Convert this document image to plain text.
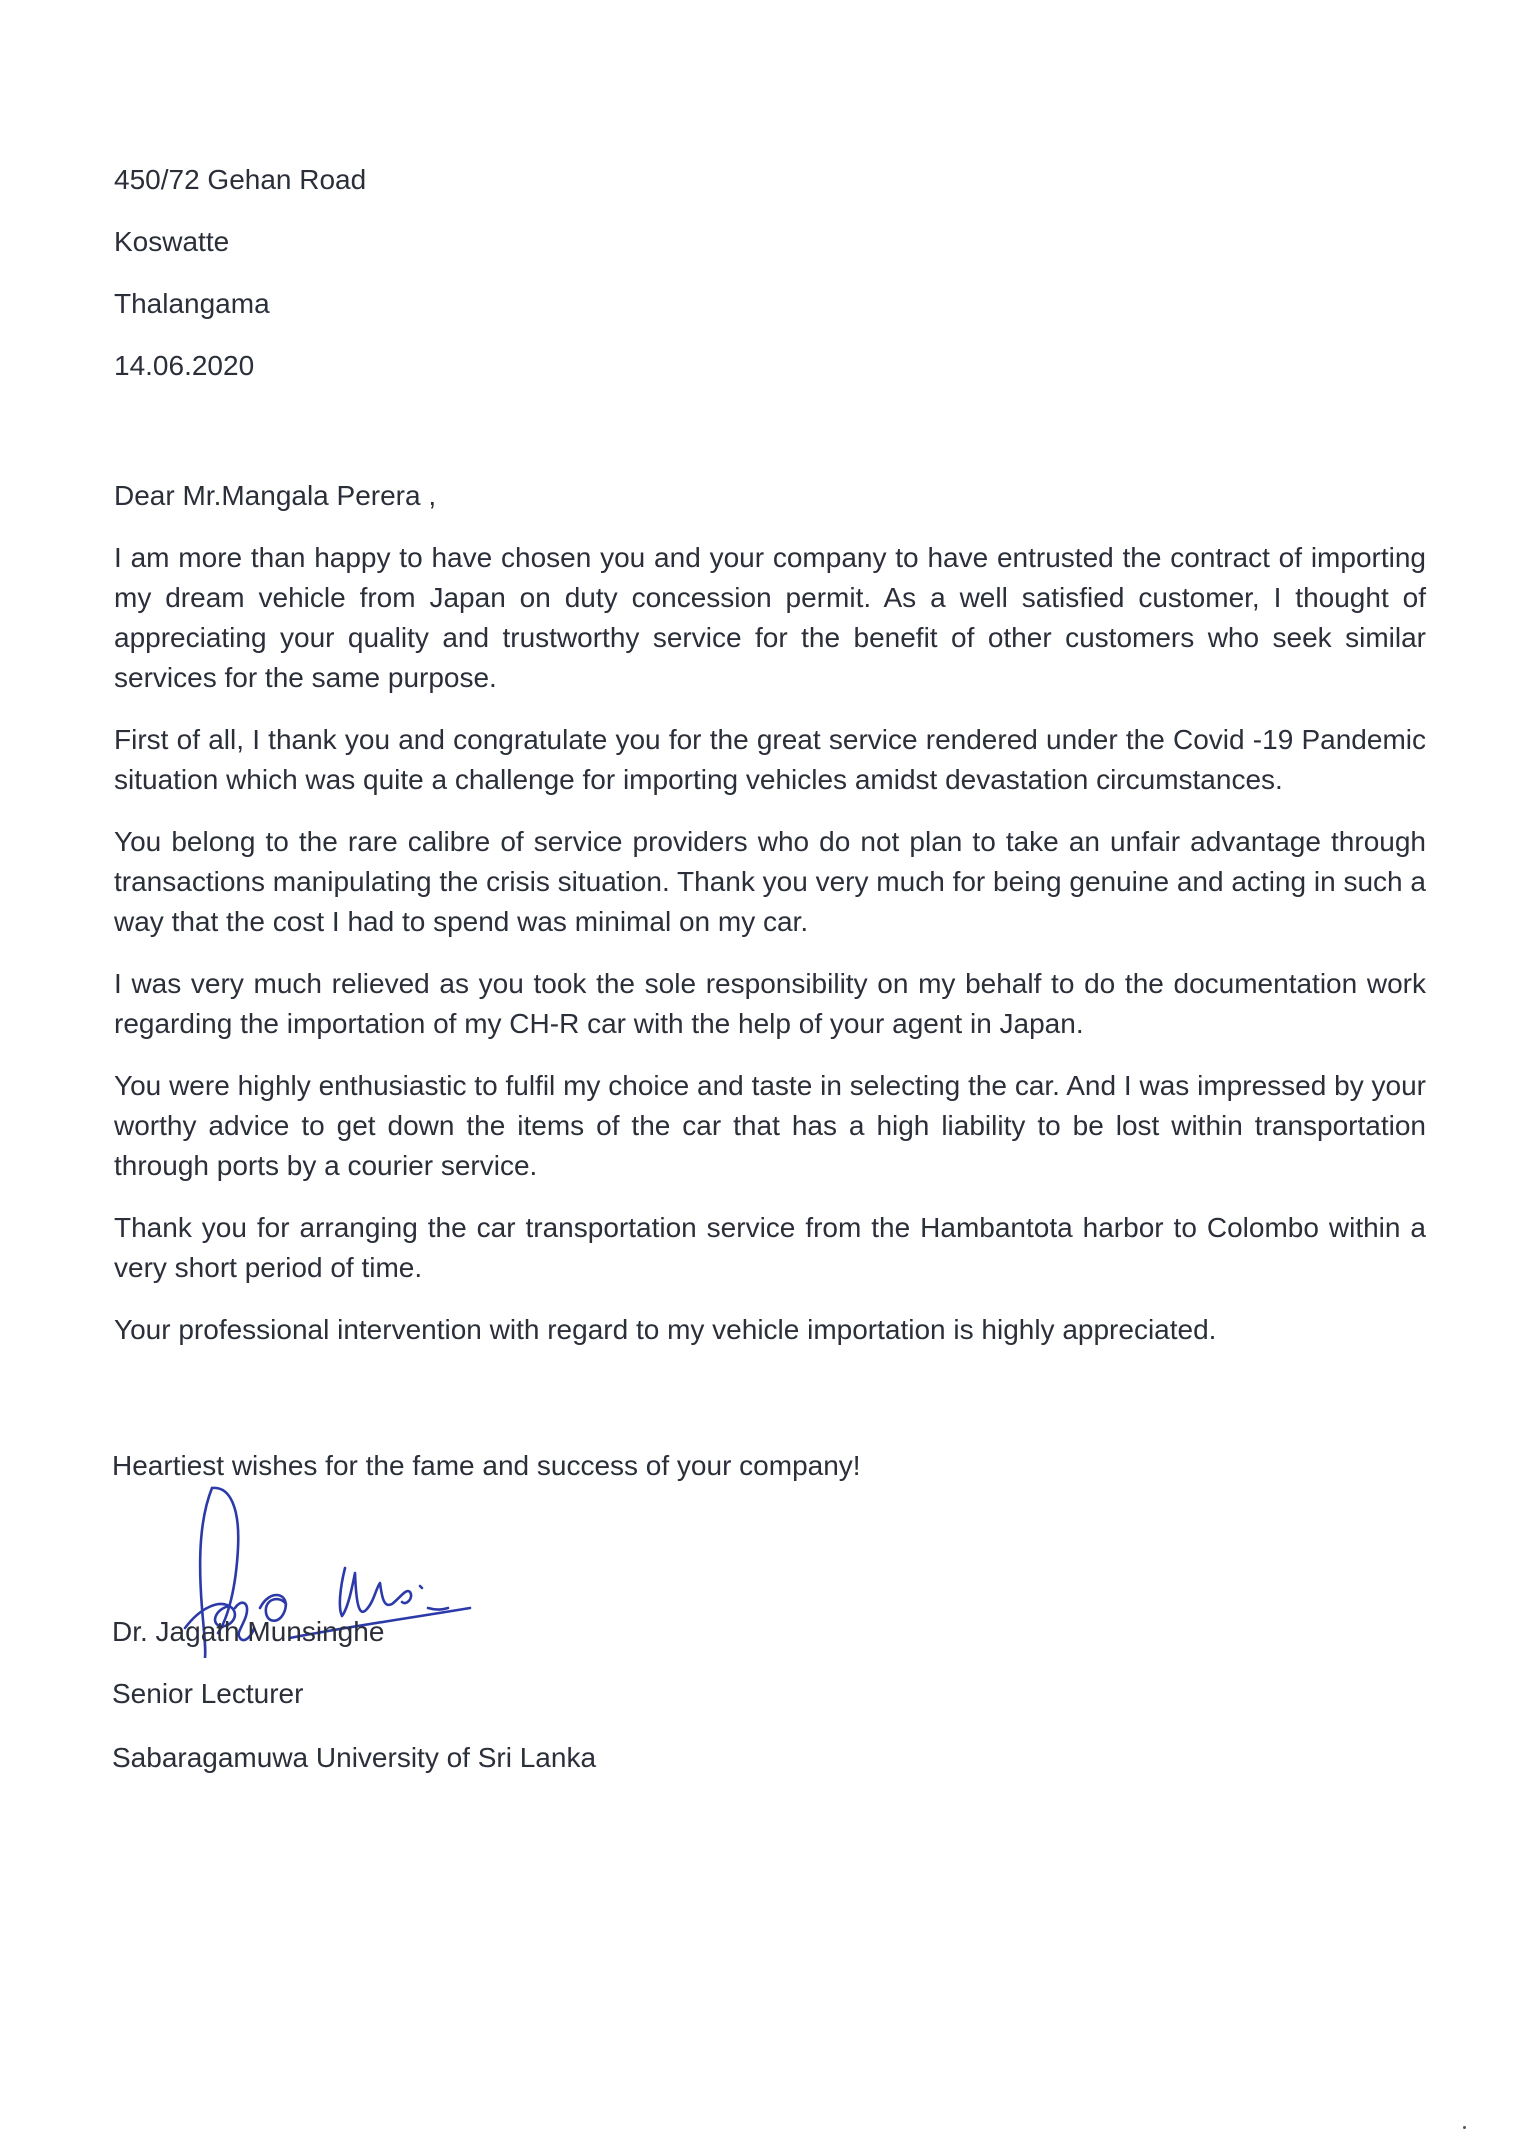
450/72 Gehan Road
Koswatte
Thalangama
14.06.2020
Dear Mr.Mangala Perera ,
I am more than happy to have chosen you and your company to have entrusted the contract of importing my dream vehicle from Japan on duty concession permit. As a well satisfied customer, I thought of appreciating your quality and trustworthy service for the benefit of other customers who seek similar services for the same purpose.
First of all, I thank you and congratulate you for the great service rendered under the Covid -19 Pandemic situation which was quite a challenge for importing vehicles amidst devastation circumstances.
You belong to the rare calibre of service providers who do not plan to take an unfair advantage through transactions manipulating the crisis situation. Thank you very much for being genuine and acting in such a way that the cost I had to spend was minimal on my car.
I was very much relieved as you took the sole responsibility on my behalf to do the documentation work regarding the importation of my CH-R car with the help of your agent in Japan.
You were highly enthusiastic to fulfil my choice and taste in selecting the car. And I was impressed by your worthy advice to get down the items of the car that has a high liability to be lost within transportation through ports by a courier service.
Thank you for arranging the car transportation service from the Hambantota harbor to Colombo within a very short period of time.
Your professional intervention with regard to my vehicle importation is highly appreciated.
Heartiest wishes for the fame and success of your company!
Dr. Jagath Munsinghe
Senior Lecturer
Sabaragamuwa University of Sri Lanka
